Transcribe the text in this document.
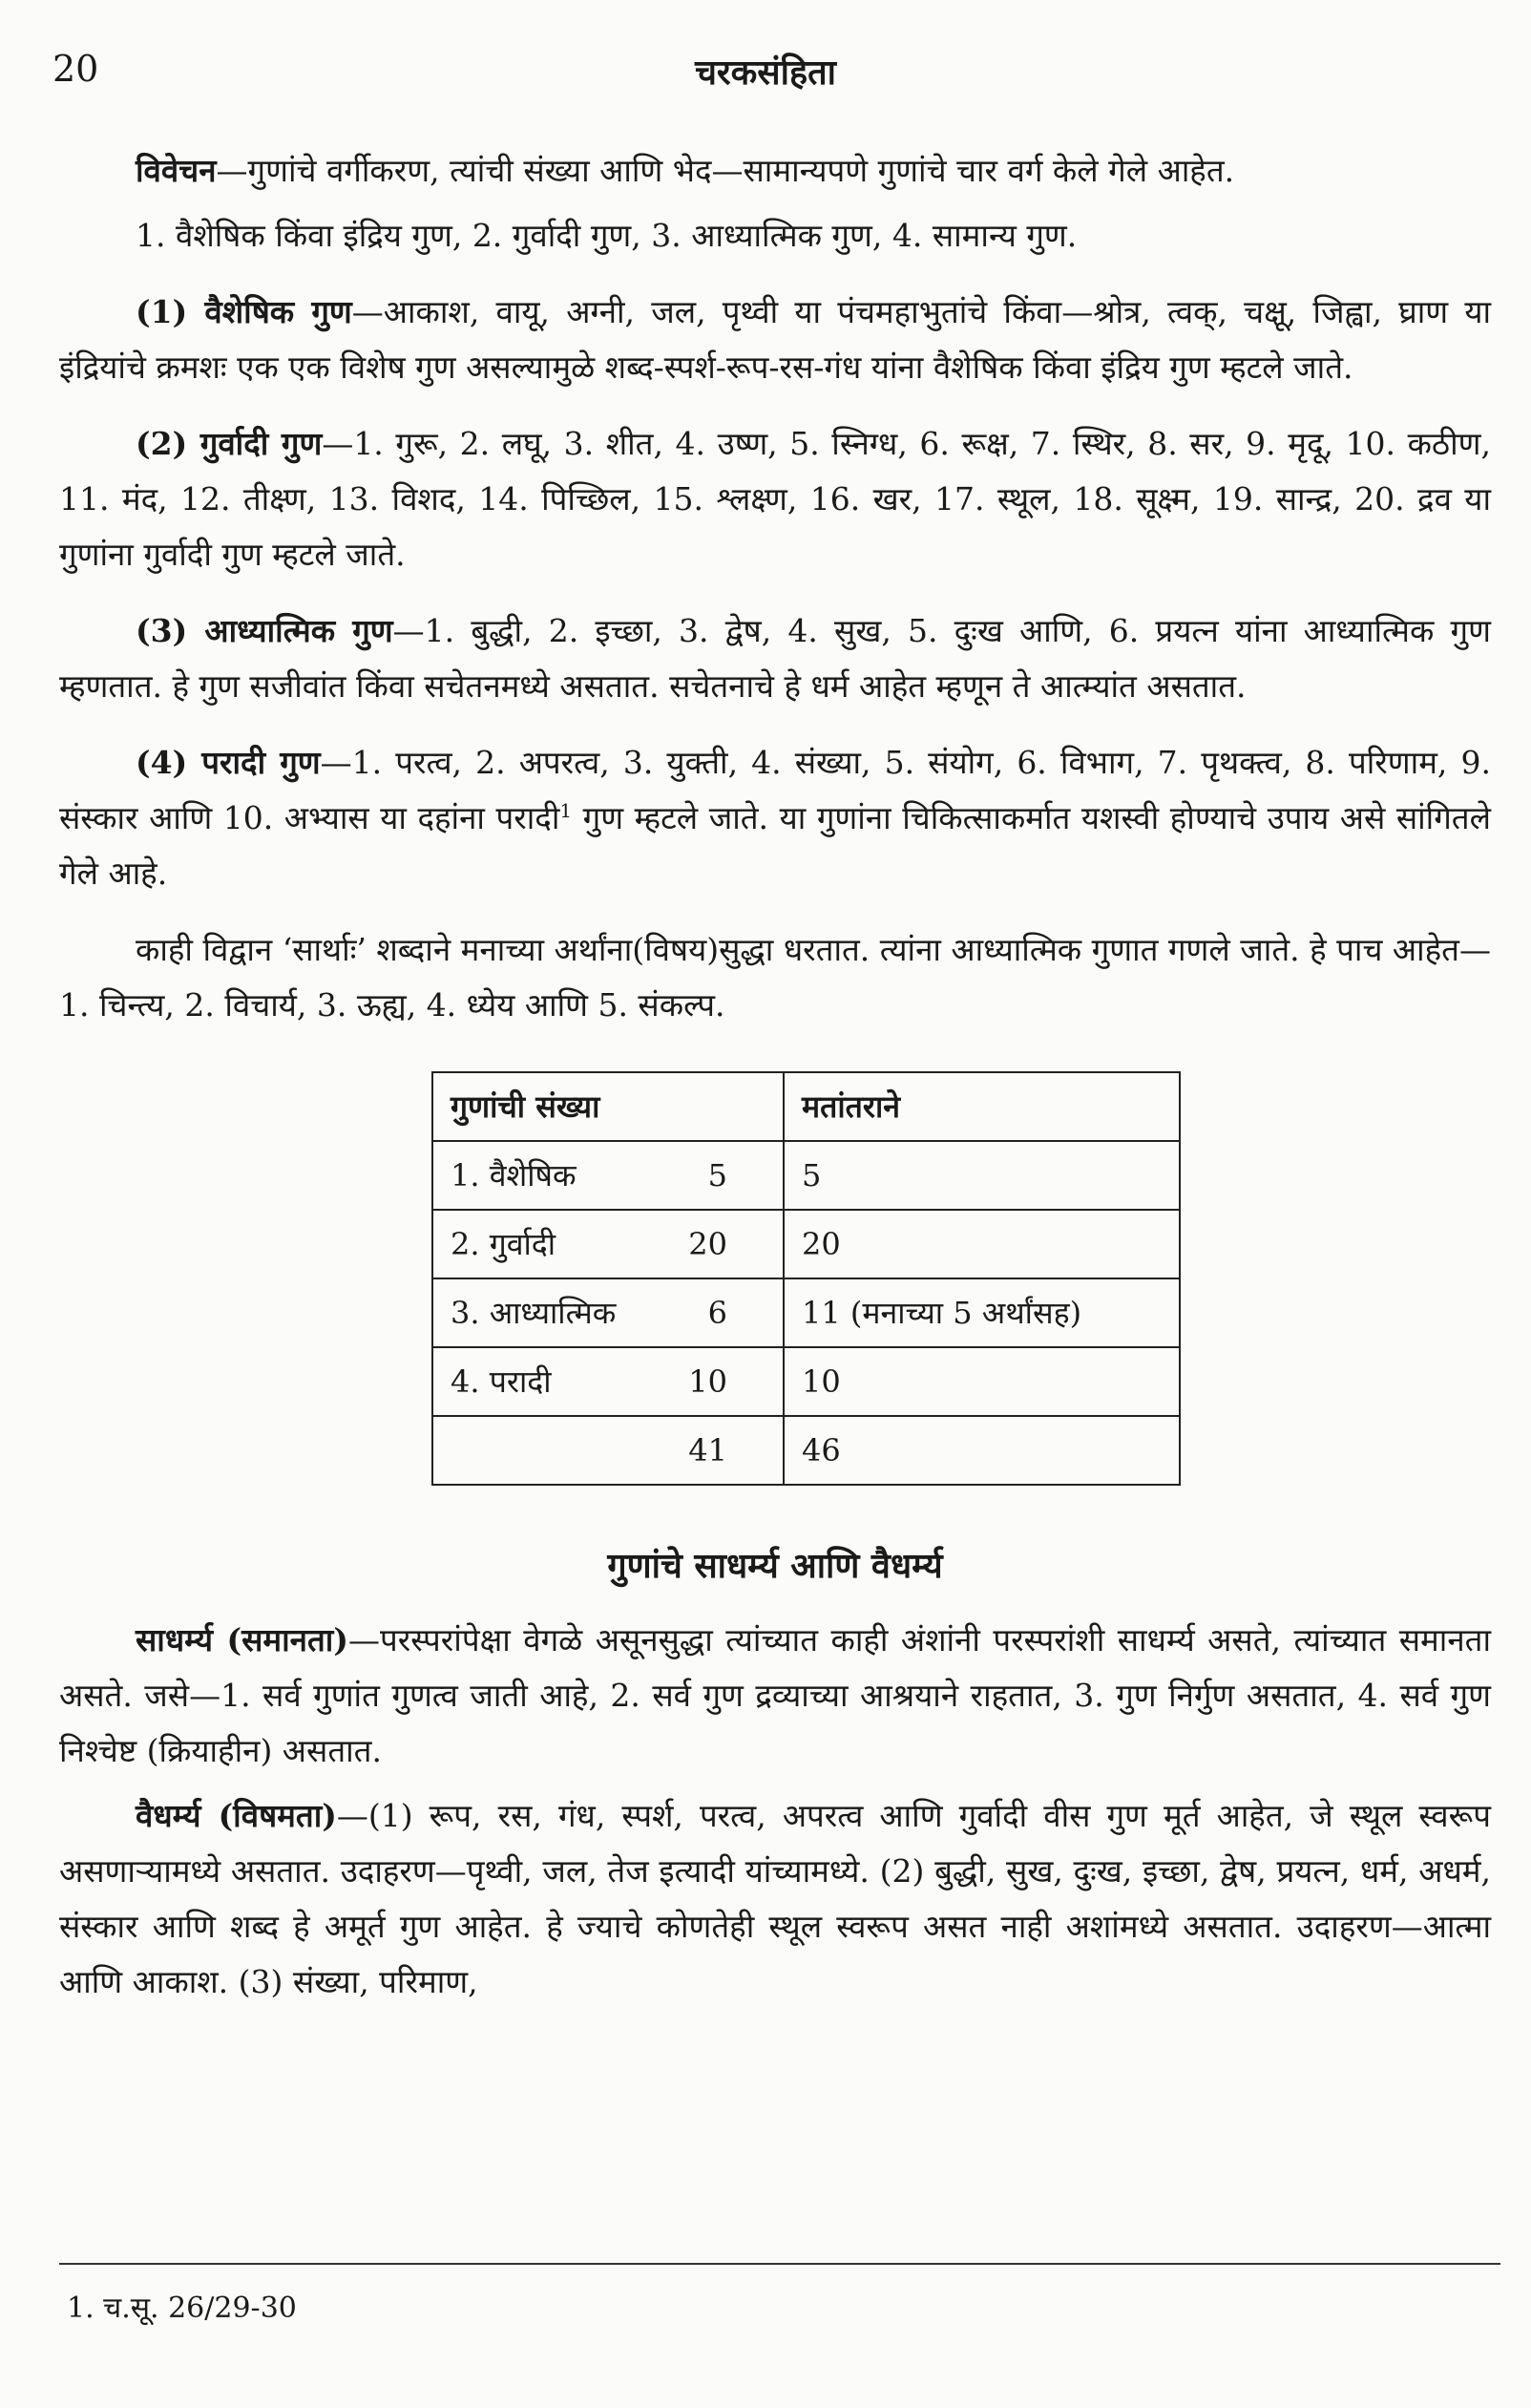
20	चरकसंहिता

विवेचन—गुणांचे वर्गीकरण, त्यांची संख्या आणि भेद—सामान्यपणे गुणांचे चार वर्ग केले गेले आहेत.

1. वैशेषिक किंवा इंद्रिय गुण, 2. गुर्वादी गुण, 3. आध्यात्मिक गुण, 4. सामान्य गुण.

(1) वैशेषिक गुण—आकाश, वायू, अग्नी, जल, पृथ्वी या पंचमहाभुतांचे किंवा—श्रोत्र, त्वक्, चक्षू, जिह्वा, घ्राण या इंद्रियांचे क्रमशः एक एक विशेष गुण असल्यामुळे शब्द-स्पर्श-रूप-रस-गंध यांना वैशेषिक किंवा इंद्रिय गुण म्हटले जाते.

(2) गुर्वादी गुण—1. गुरू, 2. लघू, 3. शीत, 4. उष्ण, 5. स्निग्ध, 6. रूक्ष, 7. स्थिर, 8. सर, 9. मृदू, 10. कठीण, 11. मंद, 12. तीक्ष्ण, 13. विशद, 14. पिच्छिल, 15. श्लक्ष्ण, 16. खर, 17. स्थूल, 18. सूक्ष्म, 19. सान्द्र, 20. द्रव या गुणांना गुर्वादी गुण म्हटले जाते.

(3) आध्यात्मिक गुण—1. बुद्धी, 2. इच्छा, 3. द्वेष, 4. सुख, 5. दुःख आणि, 6. प्रयत्न यांना आध्यात्मिक गुण म्हणतात. हे गुण सजीवांत किंवा सचेतनमध्ये असतात. सचेतनाचे हे धर्म आहेत म्हणून ते आत्म्यांत असतात.

(4) परादी गुण—1. परत्व, 2. अपरत्व, 3. युक्ती, 4. संख्या, 5. संयोग, 6. विभाग, 7. पृथक्त्व, 8. परिणाम, 9. संस्कार आणि 10. अभ्यास या दहांना परादी$^1$ गुण म्हटले जाते. या गुणांना चिकित्साकर्मात यशस्वी होण्याचे उपाय असे सांगितले गेले आहे.

काही विद्वान ‘सार्थाः’ शब्दाने मनाच्या अर्थांना(विषय)सुद्धा धरतात. त्यांना आध्यात्मिक गुणात गणले जाते. हे पाच आहेत—1. चिन्त्य, 2. विचार्य, 3. ऊह्य, 4. ध्येय आणि 5. संकल्प.

गुणांची संख्या	मतांतराने

1. वैशेषिक 5	5

2. गुर्वादी 20	20

3. आध्यात्मिक 6	11 (मनाच्या 5 अर्थांसह)

4. परादी 10	10

41	46
गुणांचे साधर्म्य आणि वैधर्म्य

साधर्म्य (समानता)—परस्परांपेक्षा वेगळे असूनसुद्धा त्यांच्यात काही अंशांनी परस्परांशी साधर्म्य असते, त्यांच्यात समानता असते. जसे—1. सर्व गुणांत गुणत्व जाती आहे, 2. सर्व गुण द्रव्याच्या आश्रयाने राहतात, 3. गुण निर्गुण असतात, 4. सर्व गुण निश्चेष्ट (क्रियाहीन) असतात.

वैधर्म्य (विषमता)—(1) रूप, रस, गंध, स्पर्श, परत्व, अपरत्व आणि गुर्वादी वीस गुण मूर्त आहेत, जे स्थूल स्वरूप असणाऱ्यामध्ये असतात. उदाहरण—पृथ्वी, जल, तेज इत्यादी यांच्यामध्ये. (2) बुद्धी, सुख, दुःख, इच्छा, द्वेष, प्रयत्न, धर्म, अधर्म, संस्कार आणि शब्द हे अमूर्त गुण आहेत. हे ज्याचे कोणतेही स्थूल स्वरूप असत नाही अशांमध्ये असतात. उदाहरण—आत्मा आणि आकाश. (3) संख्या, परिमाण,

1. च.सू. 26/29-30
